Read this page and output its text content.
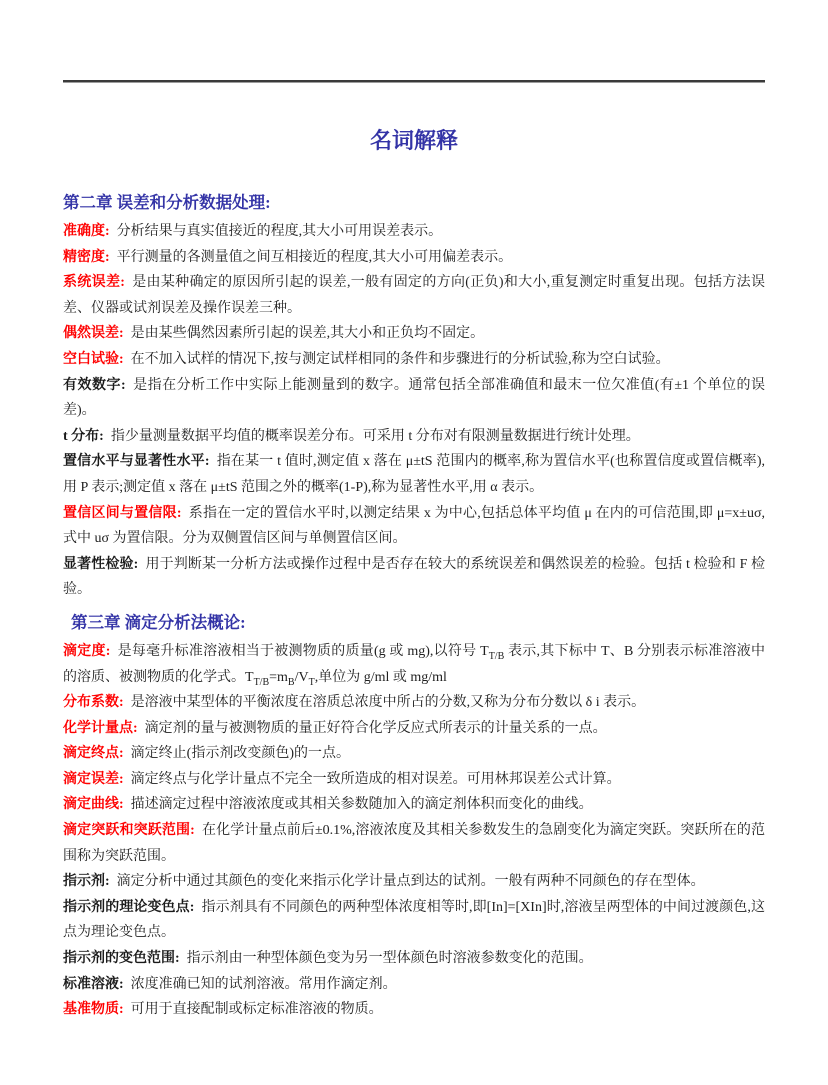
名词解释
第二章 误差和分析数据处理:

准确度: 分析结果与真实值接近的程度,其大小可用误差表示。

精密度: 平行测量的各测量值之间互相接近的程度,其大小可用偏差表示。

系统误差: 是由某种确定的原因所引起的误差,一般有固定的方向(正负)和大小,重复测定时重复出现。包括方法误差、仪器或试剂误差及操作误差三种。

偶然误差: 是由某些偶然因素所引起的误差,其大小和正负均不固定。

空白试验: 在不加入试样的情况下,按与测定试样相同的条件和步骤进行的分析试验,称为空白试验。

有效数字: 是指在分析工作中实际上能测量到的数字。通常包括全部准确值和最末一位欠准值(有±1 个单位的误差)。

t 分布: 指少量测量数据平均值的概率误差分布。可采用 t 分布对有限测量数据进行统计处理。

置信水平与显著性水平: 指在某一 t 值时,测定值 x 落在 μ±tS 范围内的概率,称为置信水平(也称置信度或置信概率),用 P 表示;测定值 x 落在 μ±tS 范围之外的概率(1-P),称为显著性水平,用 α 表示。

置信区间与置信限: 系指在一定的置信水平时,以测定结果 x 为中心,包括总体平均值 μ 在内的可信范围,即 μ=x±uσ,式中 uσ 为置信限。分为双侧置信区间与单侧置信区间。

显著性检验: 用于判断某一分析方法或操作过程中是否存在较大的系统误差和偶然误差的检验。包括 t 检验和 F 检验。

第三章 滴定分析法概论:

滴定度: 是每毫升标准溶液相当于被测物质的质量(g 或 mg),以符号 $T_{T/B}$ 表示,其下标中 T、B 分别表示标准溶液中的溶质、被测物质的化学式。$T_{T/B}=m_B/V_T$,单位为 g/ml 或 mg/ml

分布系数: 是溶液中某型体的平衡浓度在溶质总浓度中所占的分数,又称为分布分数以 δ i 表示。

化学计量点: 滴定剂的量与被测物质的量正好符合化学反应式所表示的计量关系的一点。

滴定终点: 滴定终止(指示剂改变颜色)的一点。

滴定误差: 滴定终点与化学计量点不完全一致所造成的相对误差。可用林邦误差公式计算。

滴定曲线: 描述滴定过程中溶液浓度或其相关参数随加入的滴定剂体积而变化的曲线。

滴定突跃和突跃范围: 在化学计量点前后±0.1%,溶液浓度及其相关参数发生的急剧变化为滴定突跃。突跃所在的范围称为突跃范围。

指示剂: 滴定分析中通过其颜色的变化来指示化学计量点到达的试剂。一般有两种不同颜色的存在型体。

指示剂的理论变色点: 指示剂具有不同颜色的两种型体浓度相等时,即[In]=[XIn]时,溶液呈两型体的中间过渡颜色,这点为理论变色点。

指示剂的变色范围: 指示剂由一种型体颜色变为另一型体颜色时溶液参数变化的范围。

标准溶液: 浓度准确已知的试剂溶液。常用作滴定剂。

基准物质: 可用于直接配制或标定标准溶液的物质。
